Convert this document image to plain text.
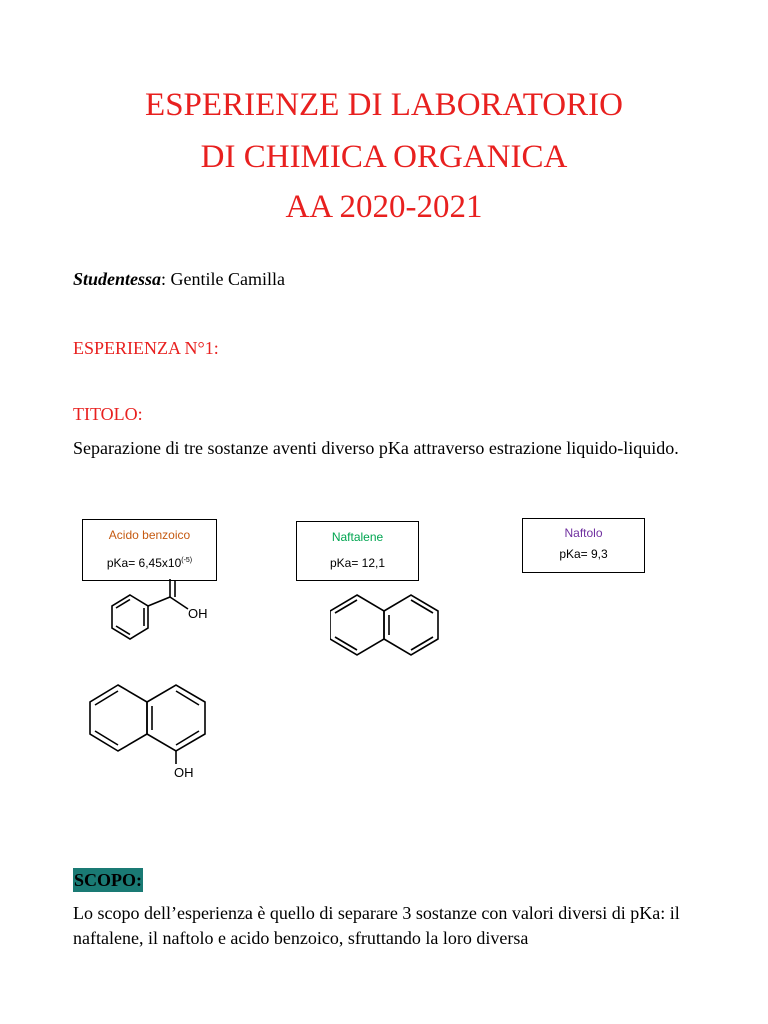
ESPERIENZE DI LABORATORIO
DI CHIMICA ORGANICA
AA 2020-2021
Studentessa: Gentile Camilla
ESPERIENZA N°1:
TITOLO:
Separazione di tre sostanze aventi diverso pKa attraverso estrazione liquido-liquido.
Acido benzoico
$pKa= 6,45x10^{(-5)}$
Naftalene
pKa= 12,1
Naftolo
pKa= 9,3
OH
OH
SCOPO:
Lo scopo dell’esperienza è quello di separare 3 sostanze con valori diversi di pKa: il naftalene, il naftolo e acido benzoico, sfruttando la loro diversa
